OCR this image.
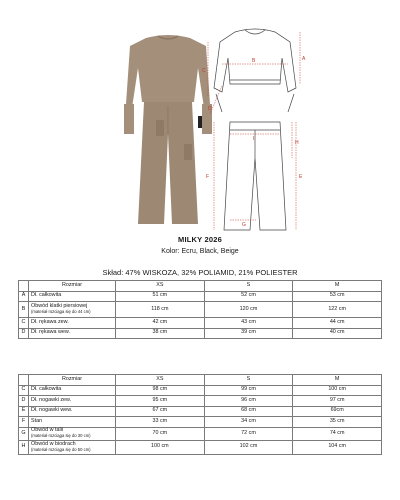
A
B
C
D
I
H
G
F	E
MILKY 2026
Kolor: Ecru, Black, Beige
Skład: 47% WISKOZA, 32% POLIAMID, 21% POLIESTER
	Rozmiar	XS	S	M
A	Dł. całkowita	51 cm	52 cm	53 cm
B	Obwód klatki piersiowej
(materiał rozciąga się do 44 cm)	118 cm	120 cm	122 cm
C	Dł. rękawa zew.	42 cm	43 cm	44 cm
D	Dł. rękawa wew.	38 cm	39 cm	40 cm
	Rozmiar	XS	S	M
C	Dł. całkowita	98 cm	99 cm	100 cm
D	Dł. nogawki zew.	95 cm	96 cm	97 cm
E	Dł. nogawki wew.	67 cm	68 cm	69cm
F	Stan	33 cm	34 cm	35 cm
G	Obwód w talii
(materiał rozciąga się do 30 cm)	70 cm	72 cm	74 cm
H	Obwód w biodrach
(materiał rozciąga się do 50 cm)	100 cm	102 cm	104 cm
